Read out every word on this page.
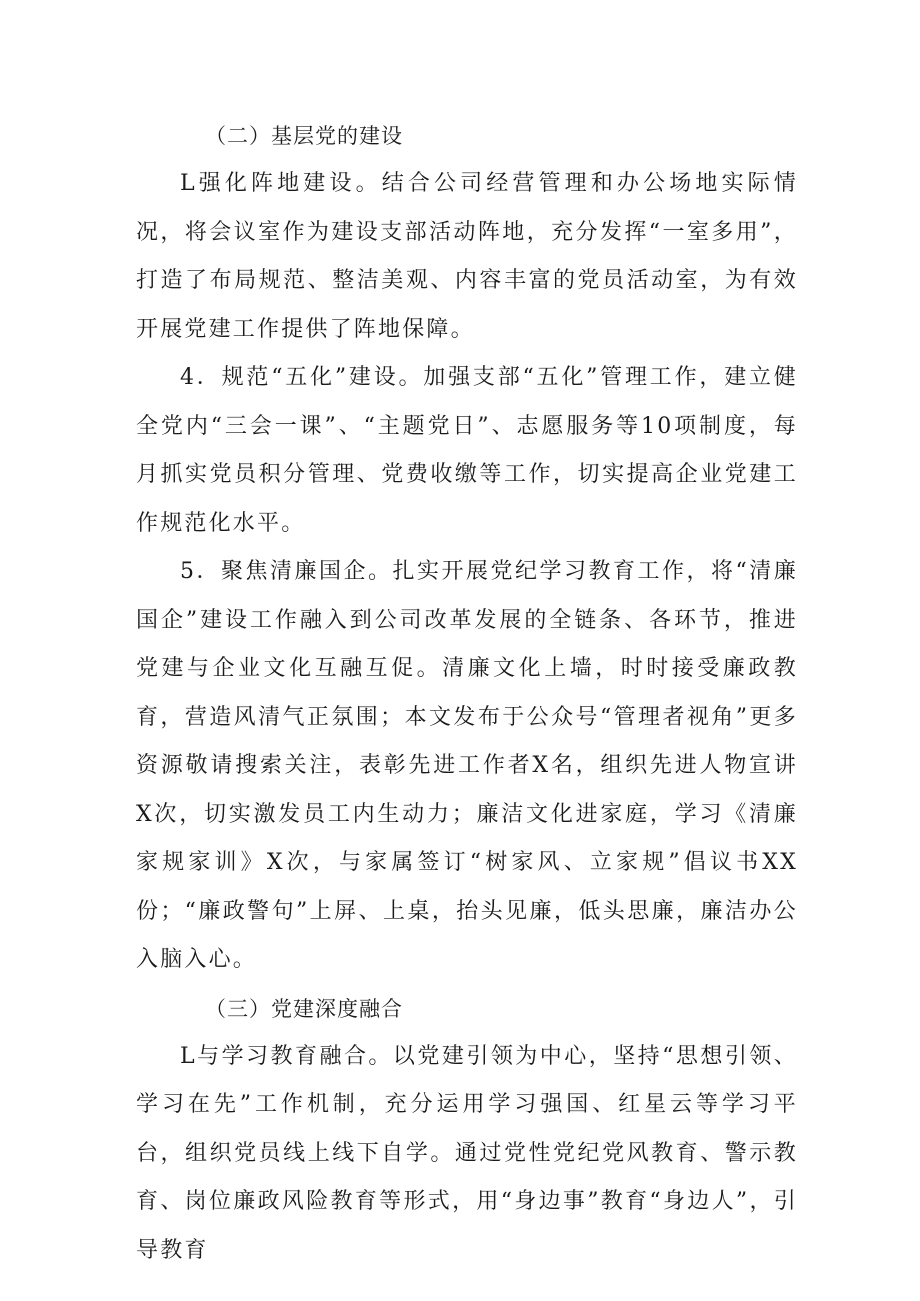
（二）基层党的建设

L强化阵地建设。结合公司经营管理和办公场地实际情况，将会议室作为建设支部活动阵地，充分发挥“一室多用”，打造了布局规范、整洁美观、内容丰富的党员活动室，为有效开展党建工作提供了阵地保障。

4．规范“五化”建设。加强支部“五化”管理工作，建立健全党内“三会一课”、“主题党日”、志愿服务等10项制度，每月抓实党员积分管理、党费收缴等工作，切实提高企业党建工作规范化水平。

5．聚焦清廉国企。扎实开展党纪学习教育工作，将“清廉国企”建设工作融入到公司改革发展的全链条、各环节，推进党建与企业文化互融互促。清廉文化上墙，时时接受廉政教育，营造风清气正氛围；本文发布于公众号“管理者视角”更多资源敬请搜索关注，表彰先进工作者X名，组织先进人物宣讲X次，切实激发员工内生动力；廉洁文化进家庭，学习《清廉家规家训》X次，与家属签订“树家风、立家规”倡议书XX份；“廉政警句”上屏、上桌，抬头见廉，低头思廉，廉洁办公入脑入心。

（三）党建深度融合

L与学习教育融合。以党建引领为中心，坚持“思想引领、学习在先”工作机制，充分运用学习强国、红星云等学习平台，组织党员线上线下自学。通过党性党纪党风教育、警示教育、岗位廉政风险教育等形式，用“身边事”教育“身边人”，引导教育
